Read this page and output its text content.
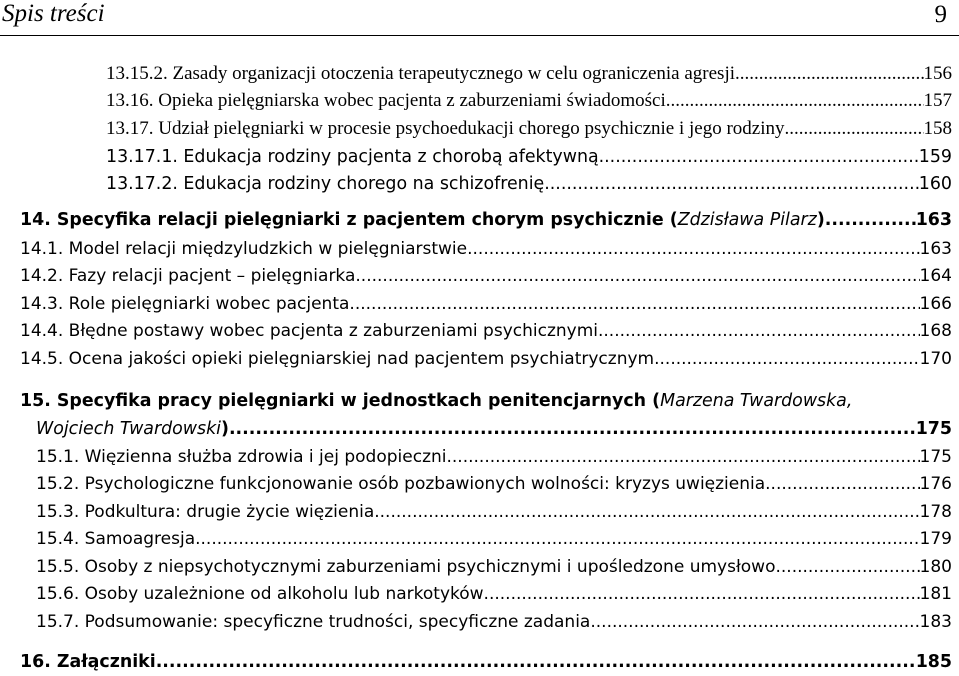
Spis treści	9
13.15.2. Zasady organizacji otoczenia terapeutycznego w celu ograniczenia agresji .....	156
13.16. Opieka pielęgniarska wobec pacjenta z zaburzeniami świadomości .....	157
13.17. Udział pielęgniarki w procesie psychoedukacji chorego psychicznie i jego rodziny .....	158
13.17.1. Edukacja rodziny pacjenta z chorobą afektywną .....	159
13.17.2. Edukacja rodziny chorego na schizofrenię .....	160
14. Specyfika relacji pielęgniarki z pacjentem chorym psychicznie (Zdzisława Pilarz) .....	163
14.1. Model relacji międzyludzkich w pielęgniarstwie .....	163
14.2. Fazy relacji pacjent – pielęgniarka .....	164
14.3. Role pielęgniarki wobec pacjenta .....	166
14.4. Błędne postawy wobec pacjenta z zaburzeniami psychicznymi .....	168
14.5. Ocena jakości opieki pielęgniarskiej nad pacjentem psychiatrycznym .....	170
15. Specyfika pracy pielęgniarki w jednostkach penitencjarnych (Marzena Twardowska,
Wojciech Twardowski) .....	175
15.1. Więzienna służba zdrowia i jej podopieczni .....	175
15.2. Psychologiczne funkcjonowanie osób pozbawionych wolności: kryzys uwięzienia .....	176
15.3. Podkultura: drugie życie więzienia .....	178
15.4. Samoagresja .....	179
15.5. Osoby z niepsychotycznymi zaburzeniami psychicznymi i upośledzone umysłowo .....	180
15.6. Osoby uzależnione od alkoholu lub narkotyków .....	181
15.7. Podsumowanie: specyficzne trudności, specyficzne zadania .....	183
16. Załączniki .....	185
